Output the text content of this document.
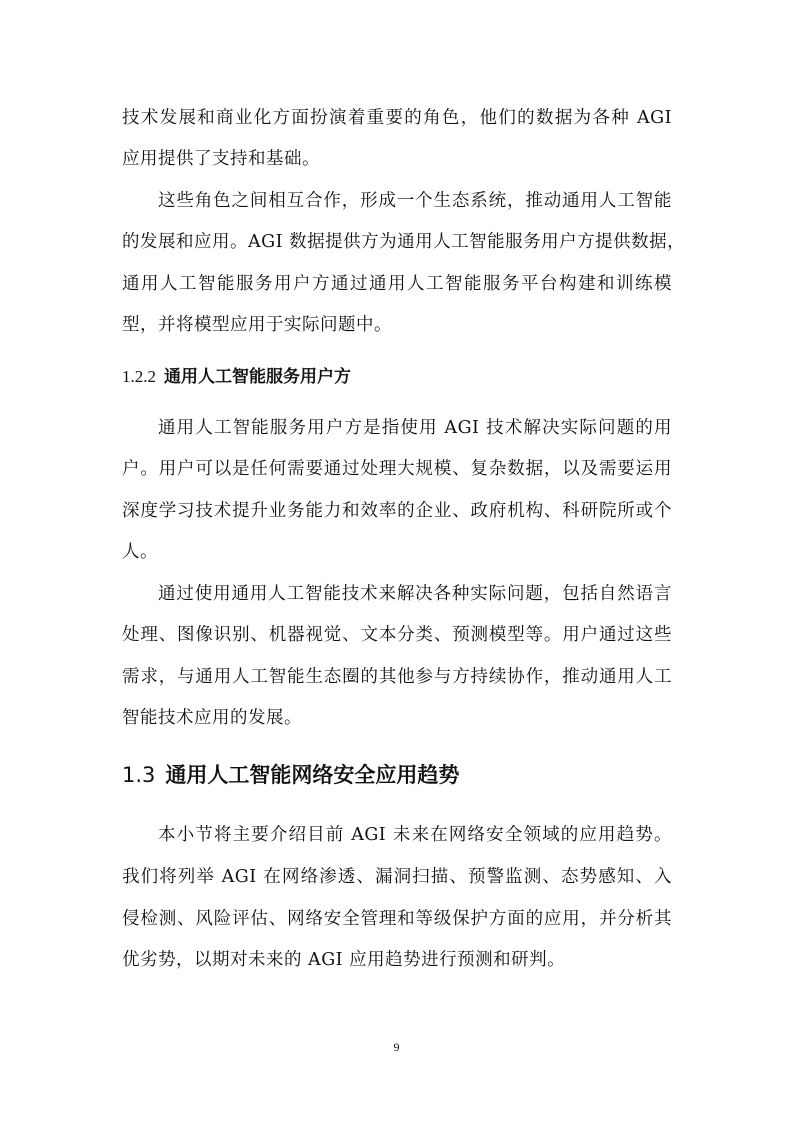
技术发展和商业化方面扮演着重要的角色，他们的数据为各种 AGI
应用提供了支持和基础。
这些角色之间相互合作，形成一个生态系统，推动通用人工智能
的发展和应用。AGI 数据提供方为通用人工智能服务用户方提供数据，
通用人工智能服务用户方通过通用人工智能服务平台构建和训练模
型，并将模型应用于实际问题中。
1.2.2 通用人工智能服务用户方
通用人工智能服务用户方是指使用 AGI 技术解决实际问题的用
户。用户可以是任何需要通过处理大规模、复杂数据，以及需要运用
深度学习技术提升业务能力和效率的企业、政府机构、科研院所或个
人。
通过使用通用人工智能技术来解决各种实际问题，包括自然语言
处理、图像识别、机器视觉、文本分类、预测模型等。用户通过这些
需求，与通用人工智能生态圈的其他参与方持续协作，推动通用人工
智能技术应用的发展。
1.3 通用人工智能网络安全应用趋势
本小节将主要介绍目前 AGI 未来在网络安全领域的应用趋势。
我们将列举 AGI 在网络渗透、漏洞扫描、预警监测、态势感知、入
侵检测、风险评估、网络安全管理和等级保护方面的应用，并分析其
优劣势，以期对未来的 AGI 应用趋势进行预测和研判。
9
